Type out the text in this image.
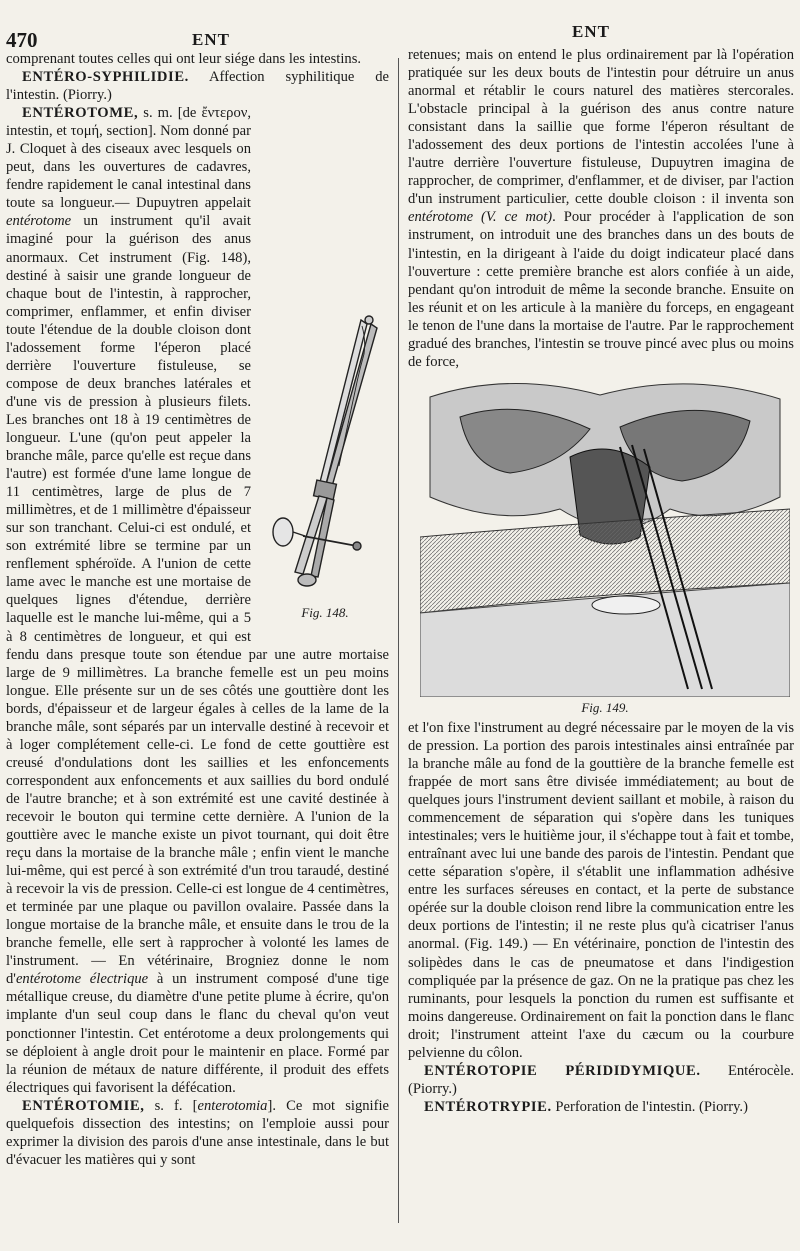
470	ENT	ENT

comprenant toutes celles qui ont leur siége dans les intestins.

ENTÉRO-SYPHILIDIE. Affection syphilitique de l'intestin. (Piorry.)

Fig. 148.

ENTÉROTOME, s. m. [de ἔντερον, intestin, et τομή, section]. Nom donné par J. Cloquet à des ciseaux avec lesquels on peut, dans les ouvertures de cadavres, fendre rapidement le canal intestinal dans toute sa longueur.— Dupuytren appelait entérotome un instrument qu'il avait imaginé pour la guérison des anus anormaux. Cet instrument (Fig. 148), destiné à saisir une grande longueur de chaque bout de l'intestin, à rapprocher, comprimer, enflammer, et enfin diviser toute l'étendue de la double cloison dont l'adossement forme l'éperon placé derrière l'ouverture fistuleuse, se compose de deux branches latérales et d'une vis de pression à plusieurs filets. Les branches ont 18 à 19 centimètres de longueur. L'une (qu'on peut appeler la branche mâle, parce qu'elle est reçue dans l'autre) est formée d'une lame longue de 11 centimètres, large de plus de 7 millimètres, et de 1 millimètre d'épaisseur sur son tranchant. Celui-ci est ondulé, et son extrémité libre se termine par un renflement sphéroïde. A l'union de cette lame avec le manche est une mortaise de quelques lignes d'étendue, derrière laquelle est le manche lui-même, qui a 5 à 8 centimètres de longueur, et qui est fendu dans presque toute son étendue par une autre mortaise large de 9 millimètres. La branche femelle est un peu moins longue. Elle présente sur un de ses côtés une gouttière dont les bords, d'épaisseur et de largeur égales à celles de la lame de la branche mâle, sont séparés par un intervalle destiné à recevoir et à loger complétement celle-ci. Le fond de cette gouttière est creusé d'ondulations dont les saillies et les enfoncements correspondent aux enfoncements et aux saillies du bord ondulé de l'autre branche; et à son extrémité est une cavité destinée à recevoir le bouton qui termine cette dernière. A l'union de la gouttière avec le manche existe un pivot tournant, qui doit être reçu dans la mortaise de la branche mâle ; enfin vient le manche lui-même, qui est percé à son extrémité d'un trou taraudé, destiné à recevoir la vis de pression. Celle-ci est longue de 4 centimètres, et terminée par une plaque ou pavillon ovalaire. Passée dans la longue mortaise de la branche mâle, et ensuite dans le trou de la branche femelle, elle sert à rapprocher à volonté les lames de l'instrument. — En vétérinaire, Brogniez donne le nom d'entérotome électrique à un instrument composé d'une tige métallique creuse, du diamètre d'une petite plume à écrire, qu'on implante d'un seul coup dans le flanc du cheval qu'on veut ponctionner l'intestin. Cet entérotome a deux prolongements qui se déploient à angle droit pour le maintenir en place. Formé par la réunion de métaux de nature différente, il produit des effets électriques qui favorisent la défécation.

ENTÉROTOMIE, s. f. [enterotomia]. Ce mot signifie quelquefois dissection des intestins; on l'emploie aussi pour exprimer la division des parois d'une anse intestinale, dans le but d'évacuer les matières qui y sont

retenues; mais on entend le plus ordinairement par là l'opération pratiquée sur les deux bouts de l'intestin pour détruire un anus anormal et rétablir le cours naturel des matières stercorales. L'obstacle principal à la guérison des anus contre nature consistant dans la saillie que forme l'éperon résultant de l'adossement des deux portions de l'intestin accolées l'une à l'autre derrière l'ouverture fistuleuse, Dupuytren imagina de rapprocher, de comprimer, d'enflammer, et de diviser, par l'action d'un instrument particulier, cette double cloison : il inventa son entérotome (V. ce mot). Pour procéder à l'application de son instrument, on introduit une des branches dans un des bouts de l'intestin, en la dirigeant à l'aide du doigt indicateur placé dans l'ouverture : cette première branche est alors confiée à un aide, pendant qu'on introduit de même la seconde branche. Ensuite on les réunit et on les articule à la manière du forceps, en engageant le tenon de l'une dans la mortaise de l'autre. Par le rapprochement gradué des branches, l'intestin se trouve pincé avec plus ou moins de force,

Fig. 149.

et l'on fixe l'instrument au degré nécessaire par le moyen de la vis de pression. La portion des parois intestinales ainsi entraînée par la branche mâle au fond de la gouttière de la branche femelle est frappée de mort sans être divisée immédiatement; au bout de quelques jours l'instrument devient saillant et mobile, à raison du commencement de séparation qui s'opère dans les tuniques intestinales; vers le huitième jour, il s'échappe tout à fait et tombe, entraînant avec lui une bande des parois de l'intestin. Pendant que cette séparation s'opère, il s'établit une inflammation adhésive entre les surfaces séreuses en contact, et la perte de substance opérée sur la double cloison rend libre la communication entre les deux portions de l'intestin; il ne reste plus qu'à cicatriser l'anus anormal. (Fig. 149.) — En vétérinaire, ponction de l'intestin des solipèdes dans le cas de pneumatose et dans l'indigestion compliquée par la présence de gaz. On ne la pratique pas chez les ruminants, pour lesquels la ponction du rumen est suffisante et moins dangereuse. Ordinairement on fait la ponction dans le flanc droit; l'instrument atteint l'axe du cæcum ou la courbure pelvienne du côlon.

ENTÉROTOPIE PÉRIDIDYMIQUE. Entérocèle. (Piorry.)

ENTÉROTRYPIE. Perforation de l'intestin. (Piorry.)
